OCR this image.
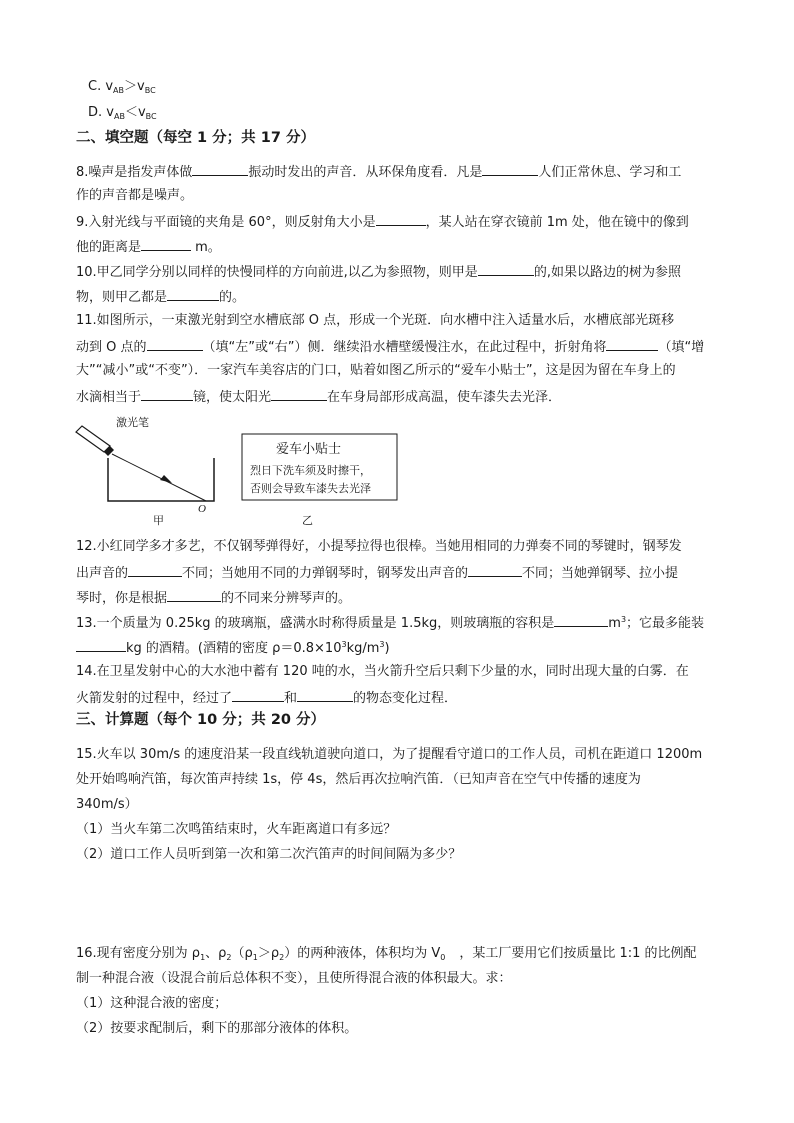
C. $v_{AB}>v_{BC}$
D. $v_{AB}<v_{BC}$
二、填空题（每空 1 分；共 17 分）
8.噪声是指发声体做	振动时发出的声音．从环保角度看．凡是	人们正常休息、学习和工
作的声音都是噪声。
9.入射光线与平面镜的夹角是 60°，则反射角大小是	，某人站在穿衣镜前 1m 处，他在镜中的像到
他的距离是	m。
10.甲乙同学分别以同样的快慢同样的方向前进,以乙为参照物，则甲是	的,如果以路边的树为参照
物，则甲乙都是	的。
11.如图所示，一束激光射到空水槽底部 O 点，形成一个光斑．向水槽中注入适量水后，水槽底部光斑移
动到 O 点的	（填“左”或“右”）侧．继续沿水槽壁缓慢注水，在此过程中，折射角将	（填“增
大”“减小”或“不变”）．一家汽车美容店的门口，贴着如图乙所示的“爱车小贴士”，这是因为留在车身上的
水滴相当于	镜，使太阳光	在车身局部形成高温，使车漆失去光泽．
激光笔
O
甲
爱车小贴士
烈日下洗车须及时擦干，
否则会导致车漆失去光泽
乙
12.小红同学多才多艺，不仅钢琴弹得好，小提琴拉得也很棒。当她用相同的力弹奏不同的琴键时，钢琴发
出声音的	不同；当她用不同的力弹钢琴时，钢琴发出声音的	不同；当她弹钢琴、拉小提
琴时，你是根据	的不同来分辨琴声的。
13.一个质量为 0.25kg 的玻璃瓶，盛满水时称得质量是 1.5kg，则玻璃瓶的容积是	$m^3$；它最多能装
kg 的酒精。(酒精的密度 $\rho=0.8\times 10^3kg/m^3$)
14.在卫星发射中心的大水池中蓄有 120 吨的水，当火箭升空后只剩下少量的水，同时出现大量的白雾．在
火箭发射的过程中，经过了	和	的物态变化过程．
三、计算题（每个 10 分；共 20 分）
15.火车以 30m/s 的速度沿某一段直线轨道驶向道口，为了提醒看守道口的工作人员，司机在距道口 1200m
处开始鸣响汽笛，每次笛声持续 1s，停 4s，然后再次拉响汽笛．（已知声音在空气中传播的速度为
340m/s）
（1）当火车第二次鸣笛结束时，火车距离道口有多远？
（2）道口工作人员听到第一次和第二次汽笛声的时间间隔为多少？
16.现有密度分别为 $\rho_1$、$\rho_2(\rho_1>\rho_2)$的两种液体，体积均为 $V_0$ ，某工厂要用它们按质量比 1:1 的比例配
制一种混合液（设混合前后总体积不变），且使所得混合液的体积最大。求：
（1）这种混合液的密度；
（2）按要求配制后，剩下的那部分液体的体积。
